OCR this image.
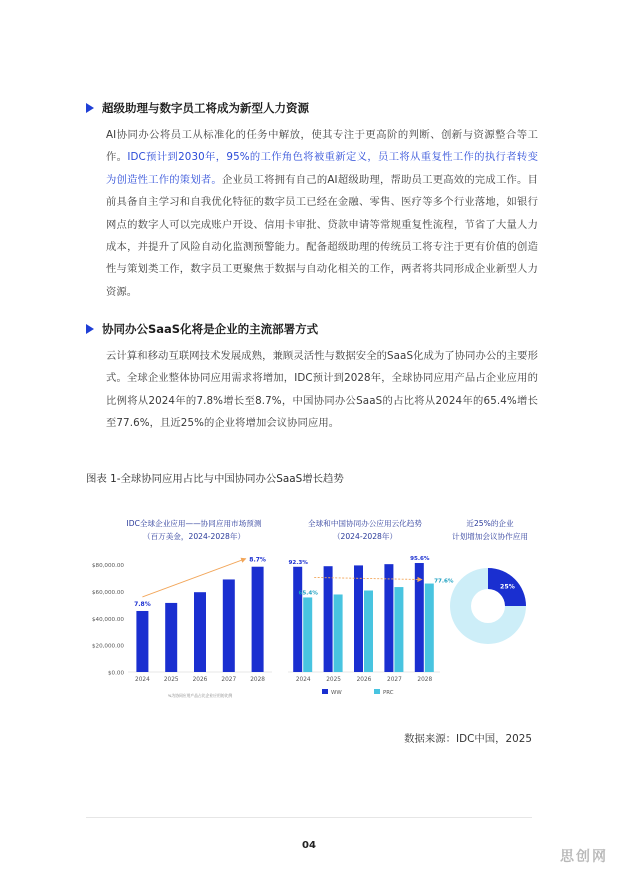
超级助理与数字员工将成为新型人力资源
AI协同办公将员工从标准化的任务中解放，使其专注于更高阶的判断、创新与资源整合等工作。IDC预计到2030年，95%的工作角色将被重新定义，员工将从重复性工作的执行者转变为创造性工作的策划者。企业员工将拥有自己的AI超级助理，帮助员工更高效的完成工作。目前具备自主学习和自我优化特征的数字员工已经在金融、零售、医疗等多个行业落地，如银行网点的数字人可以完成账户开设、信用卡审批、贷款申请等常规重复性流程，节省了大量人力成本，并提升了风险自动化监测预警能力。配备超级助理的传统员工将专注于更有价值的创造性与策划类工作，数字员工更聚焦于数据与自动化相关的工作，两者将共同形成企业新型人力资源。
协同办公SaaS化将是企业的主流部署方式
云计算和移动互联网技术发展成熟，兼顾灵活性与数据安全的SaaS化成为了协同办公的主要形式。全球企业整体协同应用需求将增加，IDC预计到2028年，全球协同应用产品占企业应用的比例将从2024年的7.8%增长至8.7%，中国协同办公SaaS的占比将从2024年的65.4%增长至77.6%，且近25%的企业将增加会议协同应用。
图表 1-全球协同应用占比与中国协同办公SaaS增长趋势
IDC全球企业应用——协同应用市场预测
（百万美金，2024-2028年）
全球和中国协同办公应用云化趋势
（2024-2028年）
近25%的企业
计划增加会议协作应用
$0.00
$20,000.00
$40,000.00
$60,000.00
$80,000.00
2024 2025 2026 2027 2028
7.8%
8.7%
%为协同应用产品占比企业应用的比例
2024	2025	2026	2027	2028
92.3%
65.4%
95.6%
77.6%
WW	PRC
25%
数据来源：IDC中国，2025
04
思创网
